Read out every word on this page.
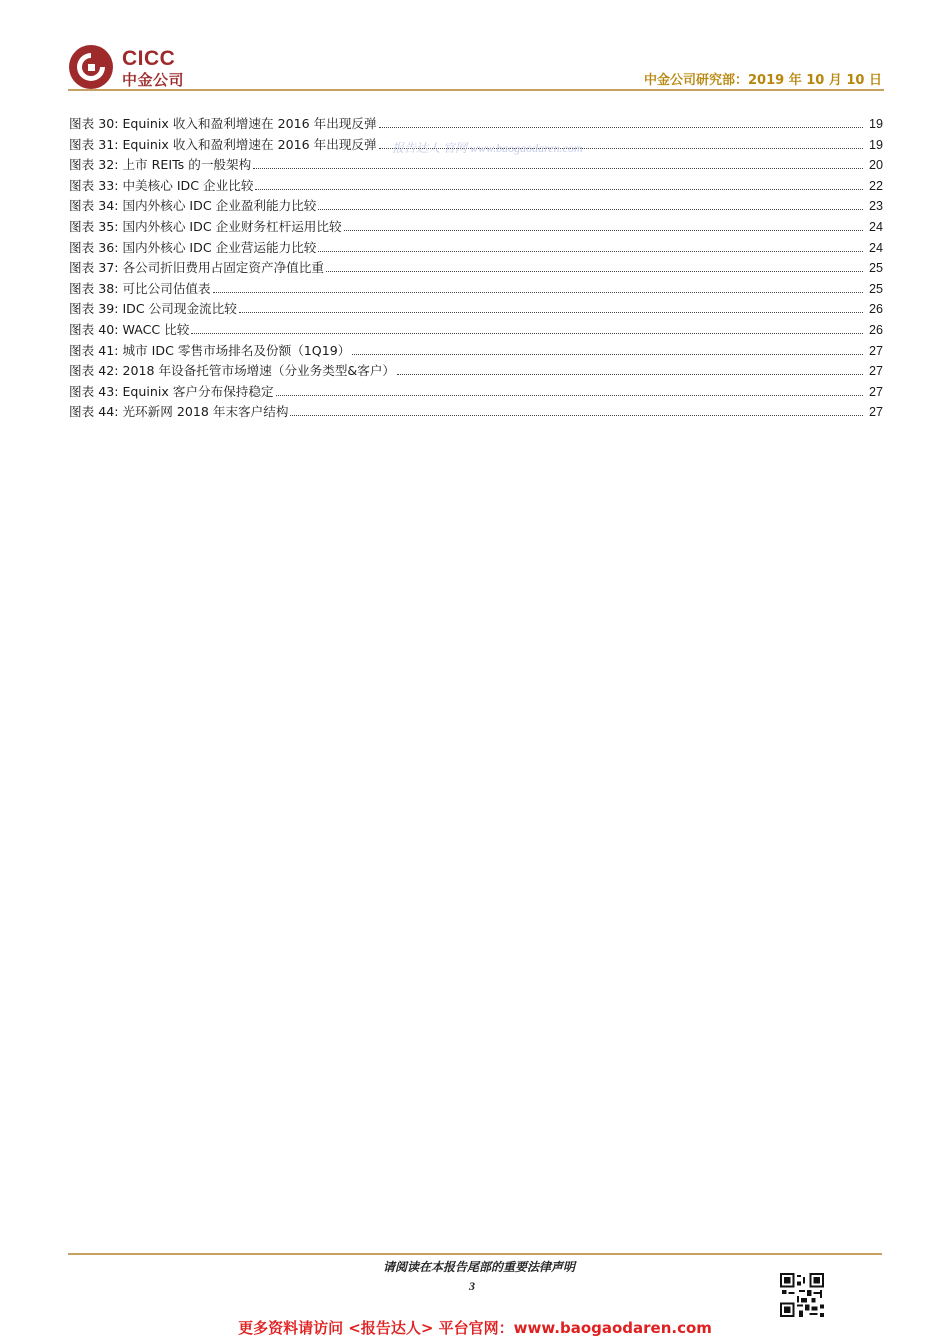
CICC
中金公司	中金公司研究部：2019 年 10 月 10 日
图表 30: Equinix 收入和盈利增速在 2016 年出现反弹	19
图表 31: Equinix 收入和盈利增速在 2016 年出现反弹	19
图表 32: 上市 REITs 的一般架构	20
图表 33: 中美核心 IDC 企业比较	22
图表 34: 国内外核心 IDC 企业盈利能力比较	23
图表 35: 国内外核心 IDC 企业财务杠杆运用比较	24
图表 36: 国内外核心 IDC 企业营运能力比较	24
图表 37: 各公司折旧费用占固定资产净值比重	25
图表 38: 可比公司估值表	25
图表 39: IDC 公司现金流比较	26
图表 40: WACC 比较	26
图表 41: 城市 IDC 零售市场排名及份额（1Q19）	27
图表 42: 2018 年设备托管市场增速（分业务类型&客户）	27
图表 43: Equinix 客户分布保持稳定	27
图表 44: 光环新网 2018 年末客户结构	27
报告达人 官网 www.baogaodaren.com
请阅读在本报告尾部的重要法律声明
3
更多资料请访问 <报告达人> 平台官网：www.baogaodaren.com
